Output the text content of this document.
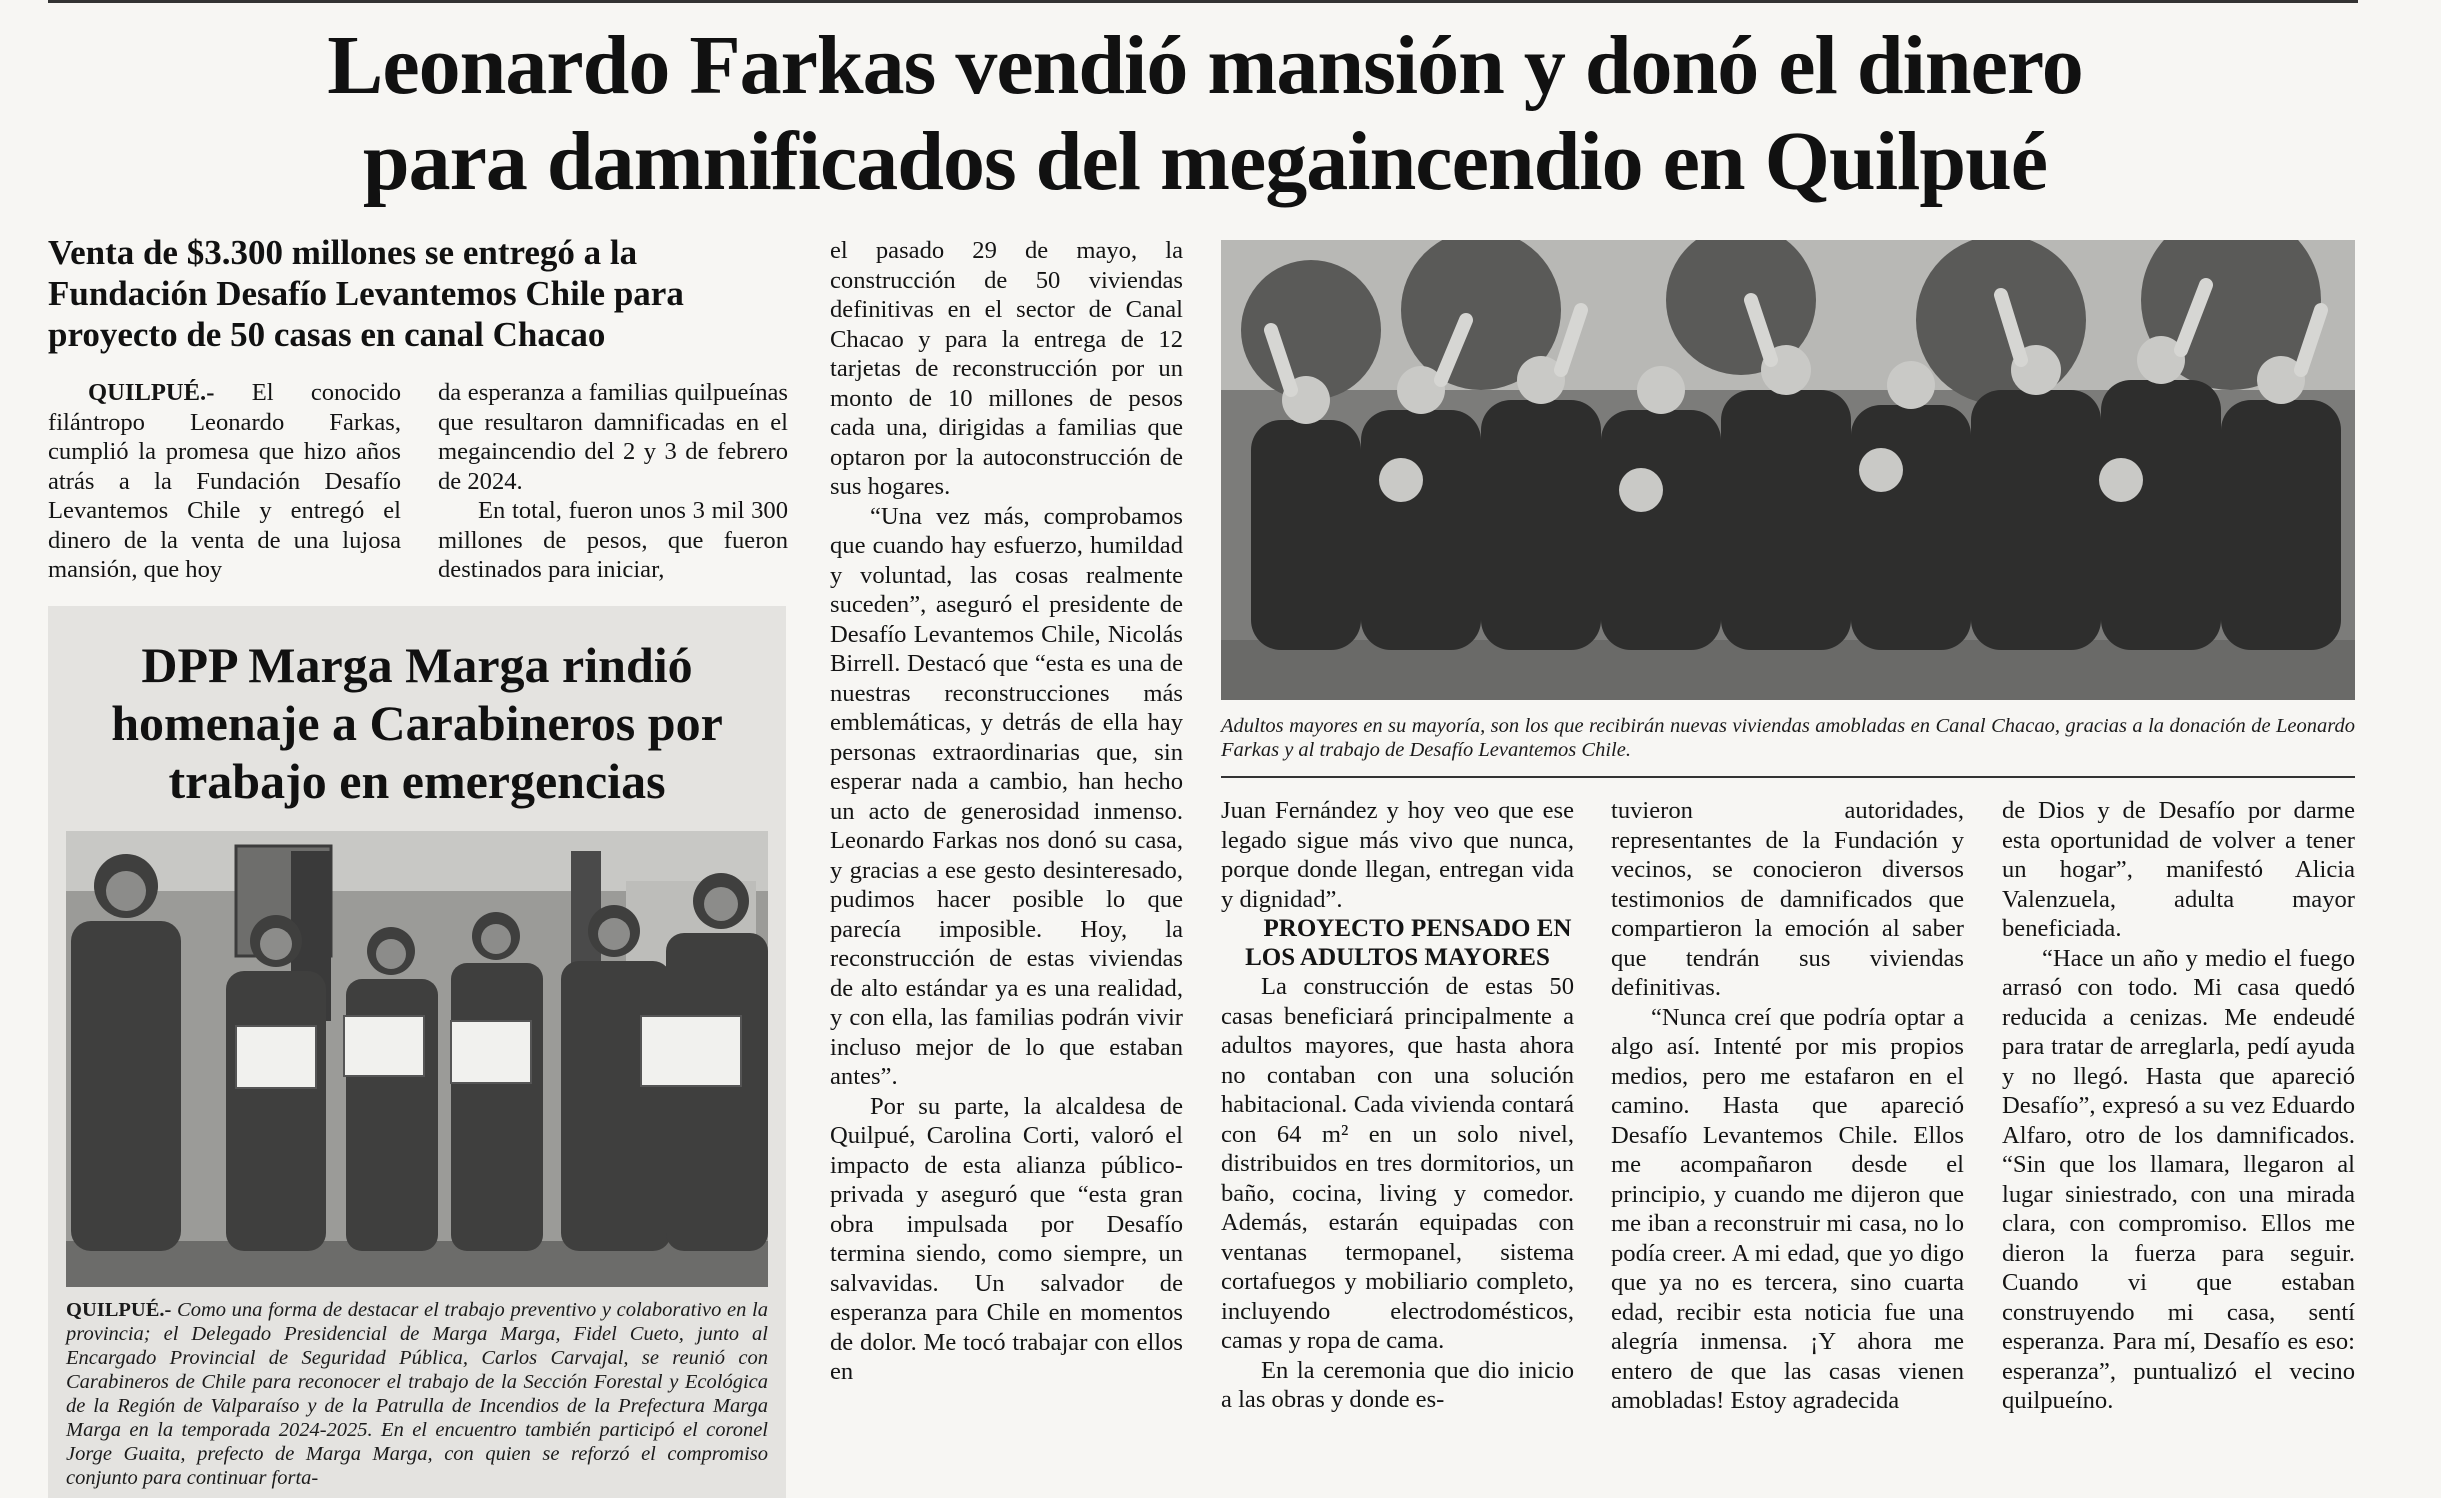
Leonardo Farkas vendió mansión y donó el dinero
para damnificados del megaincendio en Quilpué
Venta de $3.300 millones se entregó a la Fundación Desafío Levantemos Chile para proyecto de 50 casas en canal Chacao

QUILPUÉ.- El conocido filántropo Leonardo Farkas, cumplió la promesa que hizo años atrás a la Fundación Desafío Levantemos Chile y entregó el dinero de la venta de una lujosa mansión, que hoy

da esperanza a familias quilpueínas que resultaron damnificadas en el megaincendio del 2 y 3 de febrero de 2024.

En total, fueron unos 3 mil 300 millones de pesos, que fueron destinados para iniciar,

DPP Marga Marga rindió homenaje a Carabineros por trabajo en emergencias

QUILPUÉ.- Como una forma de destacar el trabajo preventivo y colaborativo en la provincia; el Delegado Presidencial de Marga Marga, Fidel Cueto, junto al Encargado Provincial de Seguridad Pública, Carlos Carvajal, se reunió con Carabineros de Chile para reconocer el trabajo de la Sección Forestal y Ecológica de la Región de Valparaíso y de la Patrulla de Incendios de la Prefectura Marga Marga en la temporada 2024-2025. En el encuentro también participó el coronel Jorge Guaita, prefecto de Marga Marga, con quien se reforzó el compromiso conjunto para continuar forta-

el pasado 29 de mayo, la construcción de 50 viviendas definitivas en el sector de Canal Chacao y para la entrega de 12 tarjetas de reconstrucción por un monto de 10 millones de pesos cada una, dirigidas a familias que optaron por la autoconstrucción de sus hogares.

“Una vez más, comprobamos que cuando hay esfuerzo, humildad y voluntad, las cosas realmente suceden”, aseguró el presidente de Desafío Levantemos Chile, Nicolás Birrell. Destacó que “esta es una de nuestras reconstrucciones más emblemáticas, y detrás de ella hay personas extraordinarias que, sin esperar nada a cambio, han hecho un acto de generosidad inmenso. Leonardo Farkas nos donó su casa, y gracias a ese gesto desinteresado, pudimos hacer posible lo que parecía imposible. Hoy, la reconstrucción de estas viviendas de alto estándar ya es una realidad, y con ella, las familias podrán vivir incluso mejor de lo que estaban antes”.

Por su parte, la alcaldesa de Quilpué, Carolina Corti, valoró el impacto de esta alianza público-privada y aseguró que “esta gran obra impulsada por Desafío termina siendo, como siempre, un salvavidas. Un salvador de esperanza para Chile en momentos de dolor. Me tocó trabajar con ellos en

Adultos mayores en su mayoría, son los que recibirán nuevas viviendas amobladas en Canal Chacao, gracias a la donación de Leonardo Farkas y al trabajo de Desafío Levantemos Chile.

Juan Fernández y hoy veo que ese legado sigue más vivo que nunca, porque donde llegan, entregan vida y dignidad”.

PROYECTO PENSADO EN LOS ADULTOS MAYORES

La construcción de estas 50 casas beneficiará principalmente a adultos mayores, que hasta ahora no contaban con una solución habitacional. Cada vivienda contará con 64 m² en un solo nivel, distribuidos en tres dormitorios, un baño, cocina, living y comedor. Además, estarán equipadas con ventanas termopanel, sistema cortafuegos y mobiliario completo, incluyendo electrodomésticos, camas y ropa de cama.

En la ceremonia que dio inicio a las obras y donde es-

tuvieron autoridades, representantes de la Fundación y vecinos, se conocieron diversos testimonios de damnificados que compartieron la emoción al saber que tendrán sus viviendas definitivas.

“Nunca creí que podría optar a algo así. Intenté por mis propios medios, pero me estafaron en el camino. Hasta que apareció Desafío Levantemos Chile. Ellos me acompañaron desde el principio, y cuando me dijeron que me iban a reconstruir mi casa, no lo podía creer. A mi edad, que yo digo que ya no es tercera, sino cuarta edad, recibir esta noticia fue una alegría inmensa. ¡Y ahora me entero de que las casas vienen amobladas! Estoy agradecida

de Dios y de Desafío por darme esta oportunidad de volver a tener un hogar”, manifestó Alicia Valenzuela, adulta mayor beneficiada.

“Hace un año y medio el fuego arrasó con todo. Mi casa quedó reducida a cenizas. Me endeudé para tratar de arreglarla, pedí ayuda y no llegó. Hasta que apareció Desafío”, expresó a su vez Eduardo Alfaro, otro de los damnificados. “Sin que los llamara, llegaron al lugar siniestrado, con una mirada clara, con compromiso. Ellos me dieron la fuerza para seguir. Cuando vi que estaban construyendo mi casa, sentí esperanza. Para mí, Desafío es eso: esperanza”, puntualizó el vecino quilpueíno.
